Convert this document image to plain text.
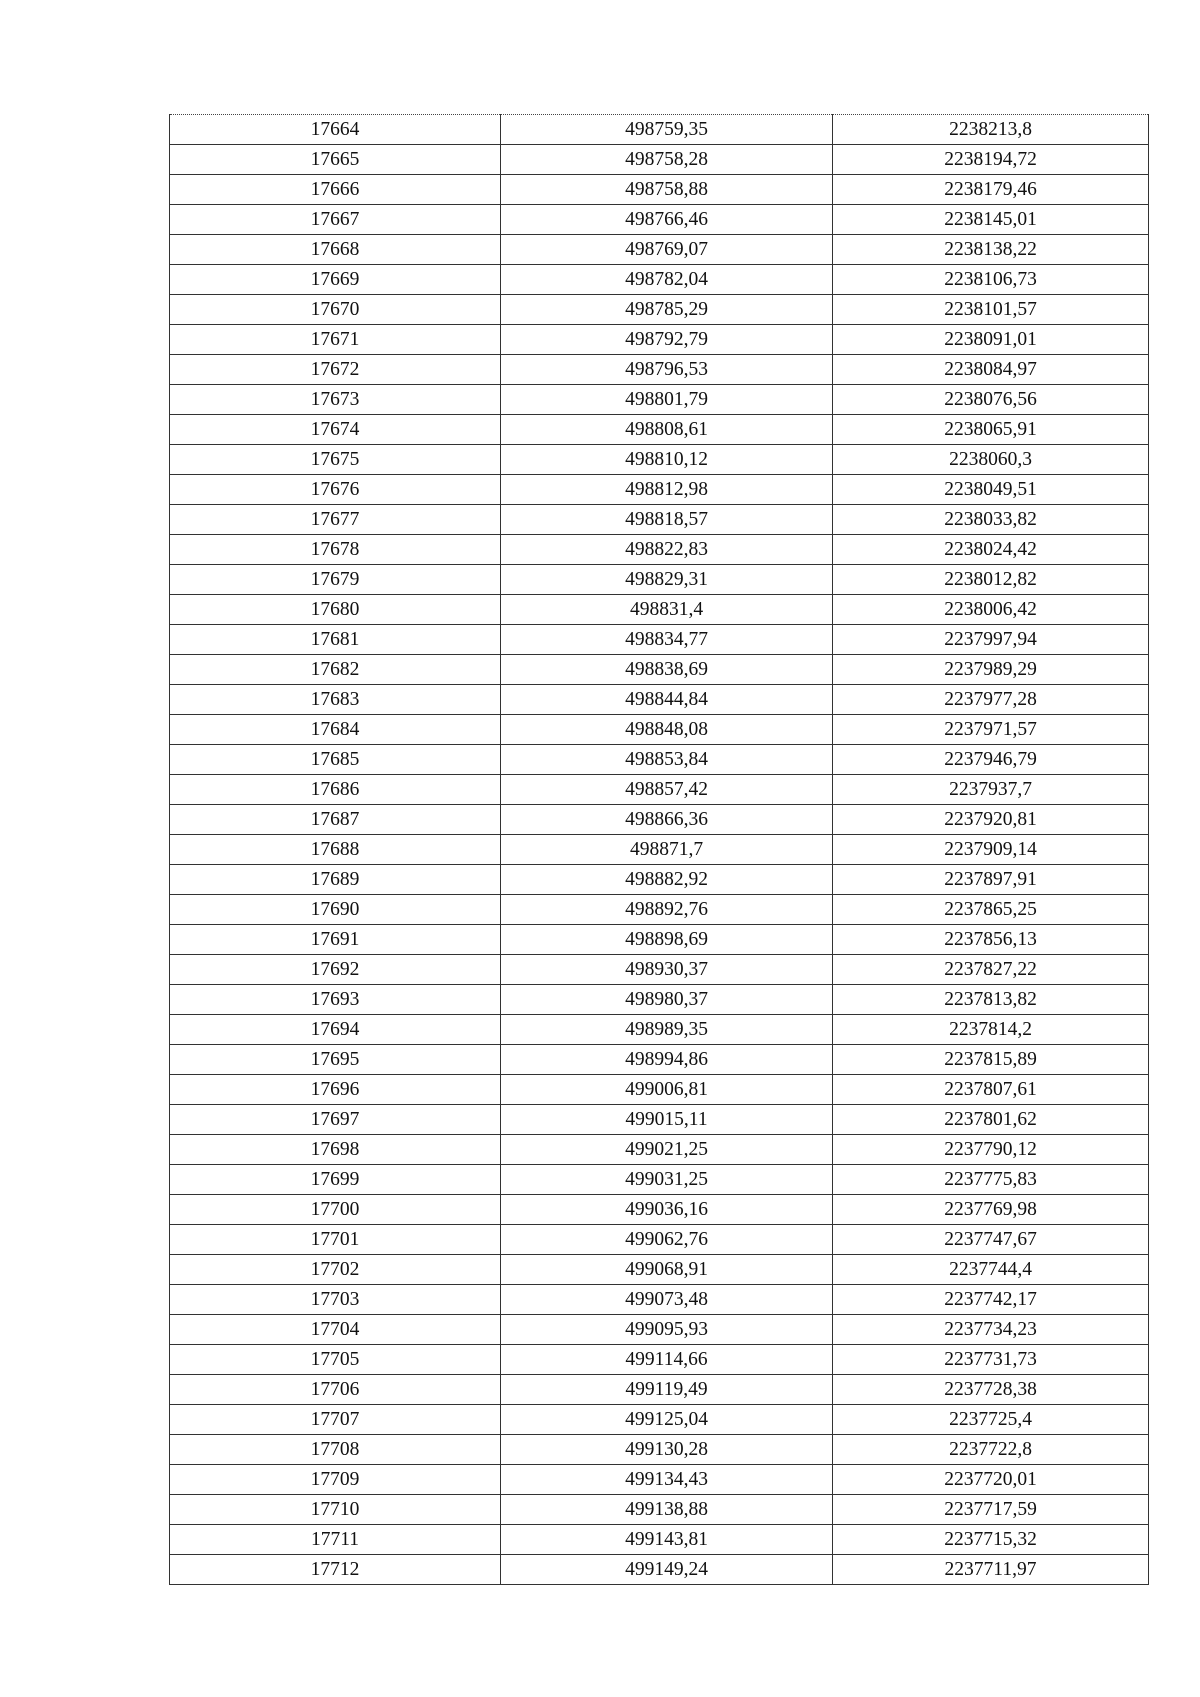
17664	498759,35	2238213,8
17665	498758,28	2238194,72
17666	498758,88	2238179,46
17667	498766,46	2238145,01
17668	498769,07	2238138,22
17669	498782,04	2238106,73
17670	498785,29	2238101,57
17671	498792,79	2238091,01
17672	498796,53	2238084,97
17673	498801,79	2238076,56
17674	498808,61	2238065,91
17675	498810,12	2238060,3
17676	498812,98	2238049,51
17677	498818,57	2238033,82
17678	498822,83	2238024,42
17679	498829,31	2238012,82
17680	498831,4	2238006,42
17681	498834,77	2237997,94
17682	498838,69	2237989,29
17683	498844,84	2237977,28
17684	498848,08	2237971,57
17685	498853,84	2237946,79
17686	498857,42	2237937,7
17687	498866,36	2237920,81
17688	498871,7	2237909,14
17689	498882,92	2237897,91
17690	498892,76	2237865,25
17691	498898,69	2237856,13
17692	498930,37	2237827,22
17693	498980,37	2237813,82
17694	498989,35	2237814,2
17695	498994,86	2237815,89
17696	499006,81	2237807,61
17697	499015,11	2237801,62
17698	499021,25	2237790,12
17699	499031,25	2237775,83
17700	499036,16	2237769,98
17701	499062,76	2237747,67
17702	499068,91	2237744,4
17703	499073,48	2237742,17
17704	499095,93	2237734,23
17705	499114,66	2237731,73
17706	499119,49	2237728,38
17707	499125,04	2237725,4
17708	499130,28	2237722,8
17709	499134,43	2237720,01
17710	499138,88	2237717,59
17711	499143,81	2237715,32
17712	499149,24	2237711,97
